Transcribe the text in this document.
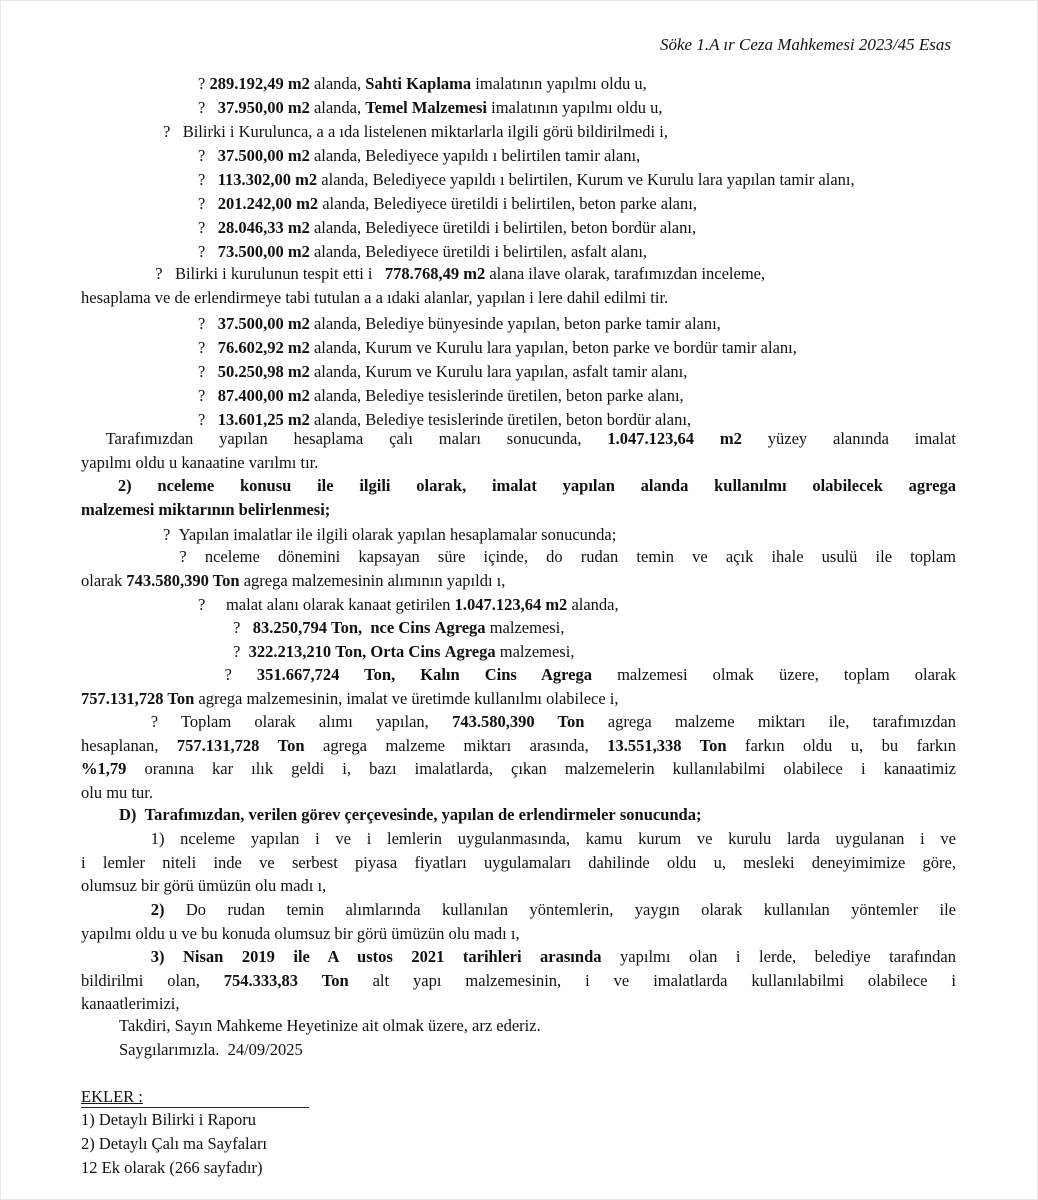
Söke 1.A ır Ceza Mahkemesi 2023/45 Esas
? 289.192,49 m2 alanda, Sahti Kaplama imalatının yapılmı oldu u,
? 37.950,00 m2 alanda, Temel Malzemesi imalatının yapılmı oldu u,
?   Bilirki i Kurulunca, a a ıda listelenen miktarlarla ilgili görü bildirilmedi i,
? 37.500,00 m2 alanda, Belediyece yapıldı ı belirtilen tamir alanı,
? 113.302,00 m2 alanda, Belediyece yapıldı ı belirtilen, Kurum ve Kurulu lara yapılan tamir alanı,
? 201.242,00 m2 alanda, Belediyece üretildi i belirtilen, beton parke alanı,
? 28.046,33 m2 alanda, Belediyece üretildi i belirtilen, beton bordür alanı,
? 73.500,00 m2 alanda, Belediyece üretildi i belirtilen, asfalt alanı,
?   Bilirki i kurulunun tespit etti i   778.768,49 m2 alana ilave olarak, tarafımızdan inceleme,
hesaplama ve de erlendirmeye tabi tutulan a a ıdaki alanlar, yapılan i lere dahil edilmi tir.
? 37.500,00 m2 alanda, Belediye bünyesinde yapılan, beton parke tamir alanı,
? 76.602,92 m2 alanda, Kurum ve Kurulu lara yapılan, beton parke ve bordür tamir alanı,
? 50.250,98 m2 alanda, Kurum ve Kurulu lara yapılan, asfalt tamir alanı,
? 87.400,00 m2 alanda, Belediye tesislerinde üretilen, beton parke alanı,
? 13.601,25 m2 alanda, Belediye tesislerinde üretilen, beton bordür alanı,
?  Yapılan imalatlar ile ilgili olarak yapılan hesaplamalar sonucunda;
?     malat alanı olarak kanaat getirilen 1.047.123,64 m2 alanda,
? 83.250,794 Ton,  nce Cins Agrega malzemesi,
? 322.213,210 Ton, Orta Cins Agrega malzemesi,
D)  Tarafımızdan, verilen görev çerçevesinde, yapılan de erlendirmeler sonucunda;
Takdiri, Sayın Mahkeme Heyetinize ait olmak üzere, arz ederiz.
Saygılarımızla.  24/09/2025
Tarafımızdan yapılan hesaplama çalı maları sonucunda, 1.047.123,64 m2 yüzey alanında imalat
yapılmı oldu u kanaatine varılmı tır.
2) nceleme konusu ile ilgili olarak, imalat yapılan alanda kullanılmı olabilecek agrega
malzemesi miktarının belirlenmesi;
? nceleme dönemini kapsayan süre içinde, do rudan temin ve açık ihale usulü ile toplam
olarak 743.580,390 Ton agrega malzemesinin alımının yapıldı ı,
? 351.667,724 Ton, Kalın Cins Agrega malzemesi olmak üzere, toplam olarak
757.131,728 Ton agrega malzemesinin, imalat ve üretimde kullanılmı olabilece i,
? Toplam olarak alımı yapılan, 743.580,390 Ton agrega malzeme miktarı ile, tarafımızdan
hesaplanan, 757.131,728 Ton agrega malzeme miktarı arasında, 13.551,338 Ton farkın oldu u, bu farkın
%1,79 oranına kar ılık geldi i, bazı imalatlarda, çıkan malzemelerin kullanılabilmi olabilece i kanaatimiz
olu mu tur.
1) nceleme yapılan i ve i lemlerin uygulanmasında, kamu kurum ve kurulu larda uygulanan i ve
i lemler niteli inde ve serbest piyasa fiyatları uygulamaları dahilinde oldu u, mesleki deneyimimize göre,
olumsuz bir görü ümüzün olu madı ı,
2) Do rudan temin alımlarında kullanılan yöntemlerin, yaygın olarak kullanılan yöntemler ile
yapılmı oldu u ve bu konuda olumsuz bir görü ümüzün olu madı ı,
3) Nisan 2019 ile A ustos 2021 tarihleri arasında yapılmı olan i lerde, belediye tarafından
bildirilmi olan, 754.333,83 Ton alt yapı malzemesinin, i ve imalatlarda kullanılabilmi olabilece i
kanaatlerimizi,
EKLER :
1) Detaylı Bilirki i Raporu
2) Detaylı Çalı ma Sayfaları
12 Ek olarak (266 sayfadır)
